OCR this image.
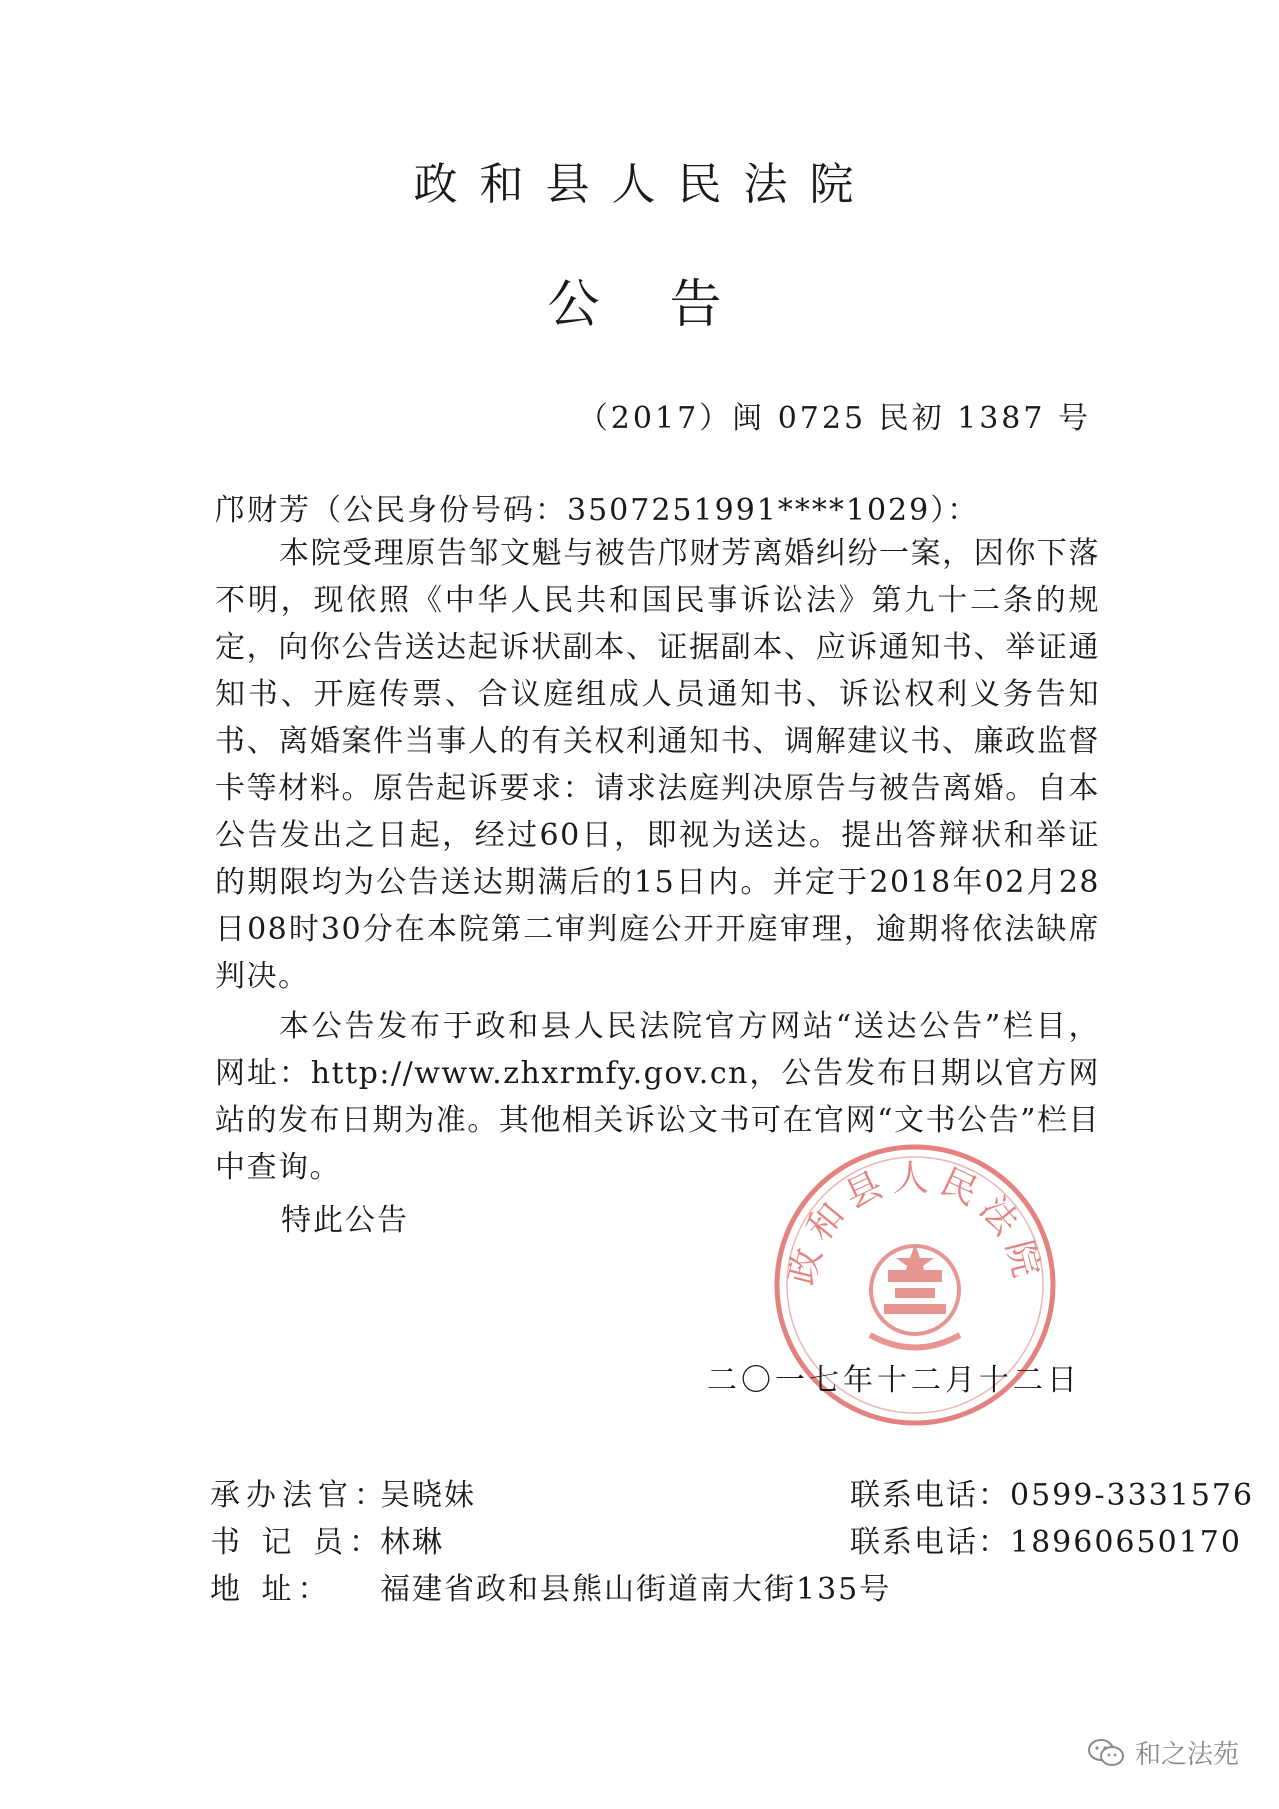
政和县人民法院
公告
（2017）闽 0725 民初 1387 号
邝财芳（公民身份号码：3507251991****1029）：
本院受理原告邹文魁与被告邝财芳离婚纠纷一案，因你下落不明，现依照《中华人民共和国民事诉讼法》第九十二条的规定，向你公告送达起诉状副本、证据副本、应诉通知书、举证通知书、开庭传票、合议庭组成人员通知书、诉讼权利义务告知书、离婚案件当事人的有关权利通知书、调解建议书、廉政监督卡等材料。原告起诉要求：请求法庭判决原告与被告离婚。自本公告发出之日起，经过60日，即视为送达。提出答辩状和举证的期限均为公告送达期满后的15日内。并定于2018年02月28日08时30分在本院第二审判庭公开开庭审理，逾期将依法缺席判决。
本公告发布于政和县人民法院官方网站“送达公告”栏目，网址：http://www.zhxrmfy.gov.cn，公告发布日期以官方网站的发布日期为准。其他相关诉讼文书可在官网“文书公告”栏目中查询。
特此公告
政和县人民法院
二〇一七年十二月十二日
承办法官：吴晓妹	联系电话：0599-3331576
书 记 员：林琳	联系电话：18960650170
地 址： 福建省政和县熊山街道南大街135号
和之法苑
